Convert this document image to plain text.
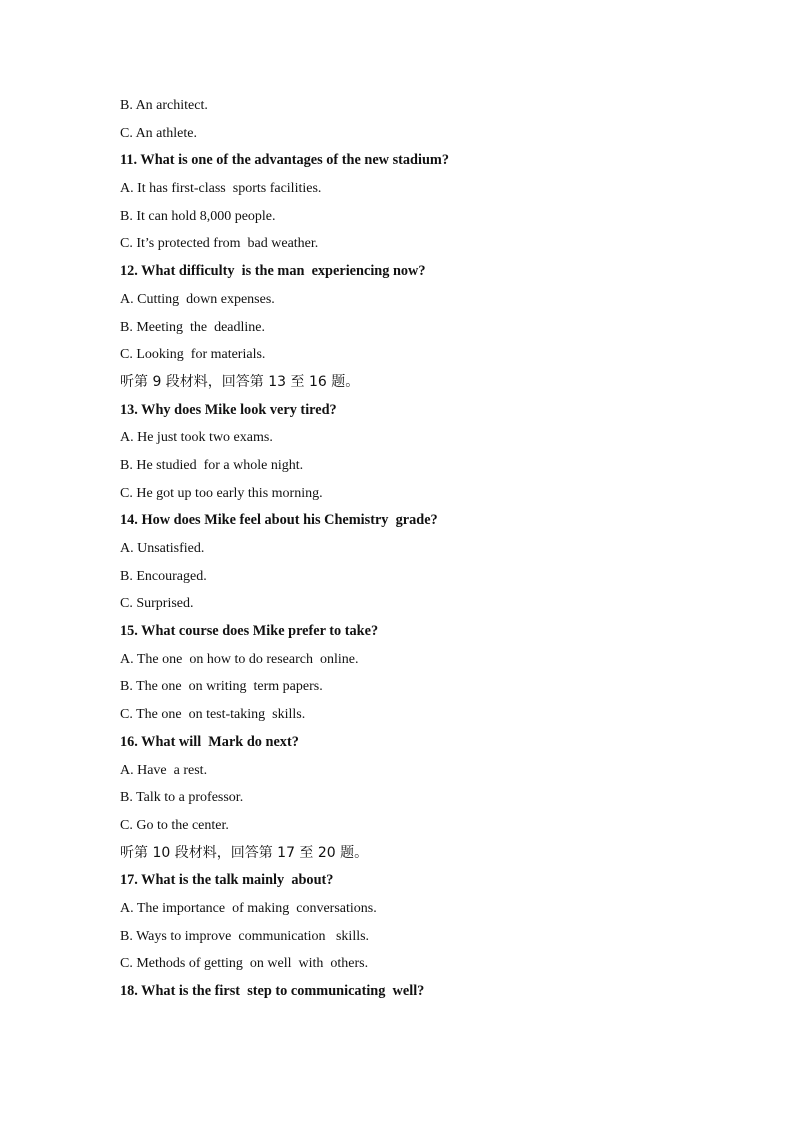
B. An architect.
C. An athlete.
11. What is one of the advantages of the new stadium?
A. It has first-class  sports facilities.
B. It can hold 8,000 people.
C. It’s protected from  bad weather.
12. What difficulty  is the man  experiencing now?
A. Cutting  down expenses.
B. Meeting  the  deadline.
C. Looking  for materials.
听第 9 段材料，回答第 13 至 16 题。
13. Why does Mike look very tired?
A. He just took two exams.
B. He studied  for a whole night.
C. He got up too early this morning.
14. How does Mike feel about his Chemistry  grade?
A. Unsatisfied.
B. Encouraged.
C. Surprised.
15. What course does Mike prefer to take?
A. The one  on how to do research  online.
B. The one  on writing  term papers.
C. The one  on test-taking  skills.
16. What will  Mark do next?
A. Have  a rest.
B. Talk to a professor.
C. Go to the center.
听第 10 段材料，回答第 17 至 20 题。
17. What is the talk mainly  about?
A. The importance  of making  conversations.
B. Ways to improve  communication   skills.
C. Methods of getting  on well  with  others.
18. What is the first  step to communicating  well?
